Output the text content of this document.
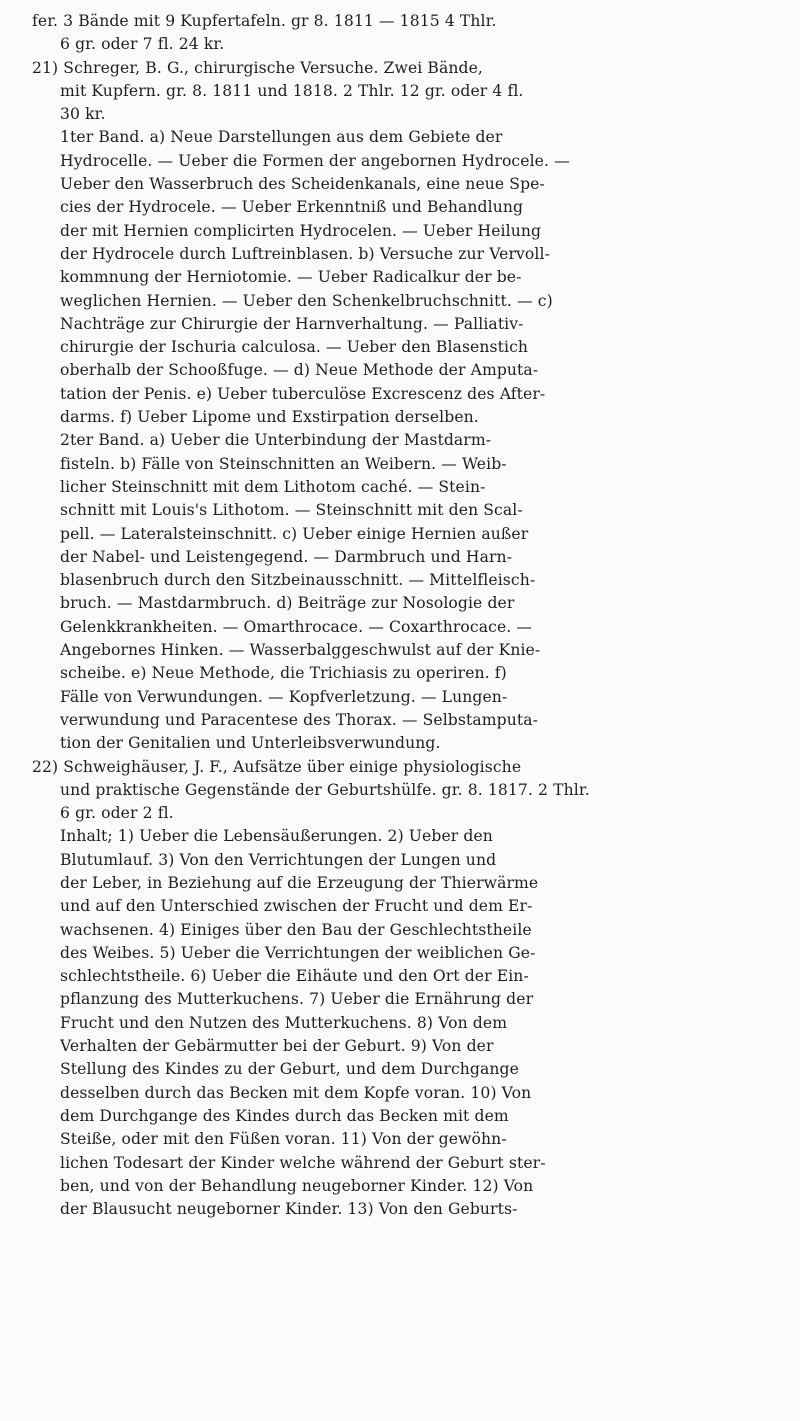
fer. 3 Bände mit 9 Kupfertafeln. gr 8. 1811 — 1815 4 Thlr.
6 gr. oder 7 fl. 24 kr.
21) Schreger, B. G., chirurgische Versuche. Zwei Bände,
mit Kupfern. gr. 8. 1811 und 1818. 2 Thlr. 12 gr. oder 4 fl.
30 kr.
1ter Band. a) Neue Darstellungen aus dem Gebiete der
Hydrocelle. — Ueber die Formen der angebornen Hydrocele. —
Ueber den Wasserbruch des Scheidenkanals, eine neue Spe-
cies der Hydrocele. — Ueber Erkenntniß und Behandlung
der mit Hernien complicirten Hydrocelen. — Ueber Heilung
der Hydrocele durch Luftreinblasen. b) Versuche zur Vervoll-
kommnung der Herniotomie. — Ueber Radicalkur der be-
weglichen Hernien. — Ueber den Schenkelbruchschnitt. — c)
Nachträge zur Chirurgie der Harnverhaltung. — Palliativ-
chirurgie der Ischuria calculosa. — Ueber den Blasenstich
oberhalb der Schooßfuge. — d) Neue Methode der Amputa-
tation der Penis. e) Ueber tuberculöse Excrescenz des After-
darms. f) Ueber Lipome und Exstirpation derselben.
2ter Band. a) Ueber die Unterbindung der Mastdarm-
fisteln. b) Fälle von Steinschnitten an Weibern. — Weib-
licher Steinschnitt mit dem Lithotom caché. — Stein-
schnitt mit Louis's Lithotom. — Steinschnitt mit den Scal-
pell. — Lateralsteinschnitt. c) Ueber einige Hernien außer
der Nabel- und Leistengegend. — Darmbruch und Harn-
blasenbruch durch den Sitzbeinausschnitt. — Mittelfleisch-
bruch. — Mastdarmbruch. d) Beiträge zur Nosologie der
Gelenkkrankheiten. — Omarthrocace. — Coxarthrocace. —
Angebornes Hinken. — Wasserbalggeschwulst auf der Knie-
scheibe. e) Neue Methode, die Trichiasis zu operiren. f)
Fälle von Verwundungen. — Kopfverletzung. — Lungen-
verwundung und Paracentese des Thorax. — Selbstamputa-
tion der Genitalien und Unterleibsverwundung.
22) Schweighäuser, J. F., Aufsätze über einige physiologische
und praktische Gegenstände der Geburtshülfe. gr. 8. 1817. 2 Thlr.
6 gr. oder 2 fl.
Inhalt; 1) Ueber die Lebensäußerungen. 2) Ueber den
Blutumlauf. 3) Von den Verrichtungen der Lungen und
der Leber, in Beziehung auf die Erzeugung der Thierwärme
und auf den Unterschied zwischen der Frucht und dem Er-
wachsenen. 4) Einiges über den Bau der Geschlechtstheile
des Weibes. 5) Ueber die Verrichtungen der weiblichen Ge-
schlechtstheile. 6) Ueber die Eihäute und den Ort der Ein-
pflanzung des Mutterkuchens. 7) Ueber die Ernährung der
Frucht und den Nutzen des Mutterkuchens. 8) Von dem
Verhalten der Gebärmutter bei der Geburt. 9) Von der
Stellung des Kindes zu der Geburt, und dem Durchgange
desselben durch das Becken mit dem Kopfe voran. 10) Von
dem Durchgange des Kindes durch das Becken mit dem
Steiße, oder mit den Füßen voran. 11) Von der gewöhn-
lichen Todesart der Kinder welche während der Geburt ster-
ben, und von der Behandlung neugeborner Kinder. 12) Von
der Blausucht neugeborner Kinder. 13) Von den Geburts-
